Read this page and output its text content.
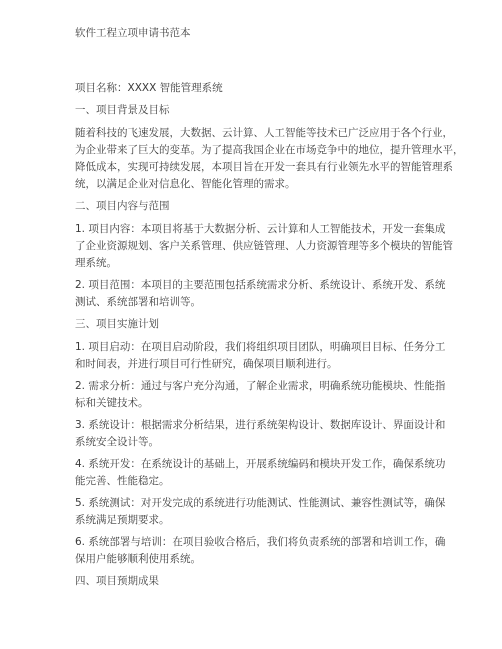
软件工程立项申请书范本
项目名称：XXXX 智能管理系统
一、项目背景及目标
随着科技的飞速发展，大数据、云计算、人工智能等技术已广泛应用于各个行业，
为企业带来了巨大的变革。为了提高我国企业在市场竞争中的地位，提升管理水平，
降低成本，实现可持续发展，本项目旨在开发一套具有行业领先水平的智能管理系
统，以满足企业对信息化、智能化管理的需求。
二、项目内容与范围
1. 项目内容：本项目将基于大数据分析、云计算和人工智能技术，开发一套集成
了企业资源规划、客户关系管理、供应链管理、人力资源管理等多个模块的智能管
理系统。
2. 项目范围：本项目的主要范围包括系统需求分析、系统设计、系统开发、系统
测试、系统部署和培训等。
三、项目实施计划
1. 项目启动：在项目启动阶段，我们将组织项目团队，明确项目目标、任务分工
和时间表，并进行项目可行性研究，确保项目顺利进行。
2. 需求分析：通过与客户充分沟通，了解企业需求，明确系统功能模块、性能指
标和关键技术。
3. 系统设计：根据需求分析结果，进行系统架构设计、数据库设计、界面设计和
系统安全设计等。
4. 系统开发：在系统设计的基础上，开展系统编码和模块开发工作，确保系统功
能完善、性能稳定。
5. 系统测试：对开发完成的系统进行功能测试、性能测试、兼容性测试等，确保
系统满足预期要求。
6. 系统部署与培训：在项目验收合格后，我们将负责系统的部署和培训工作，确
保用户能够顺利使用系统。
四、项目预期成果
